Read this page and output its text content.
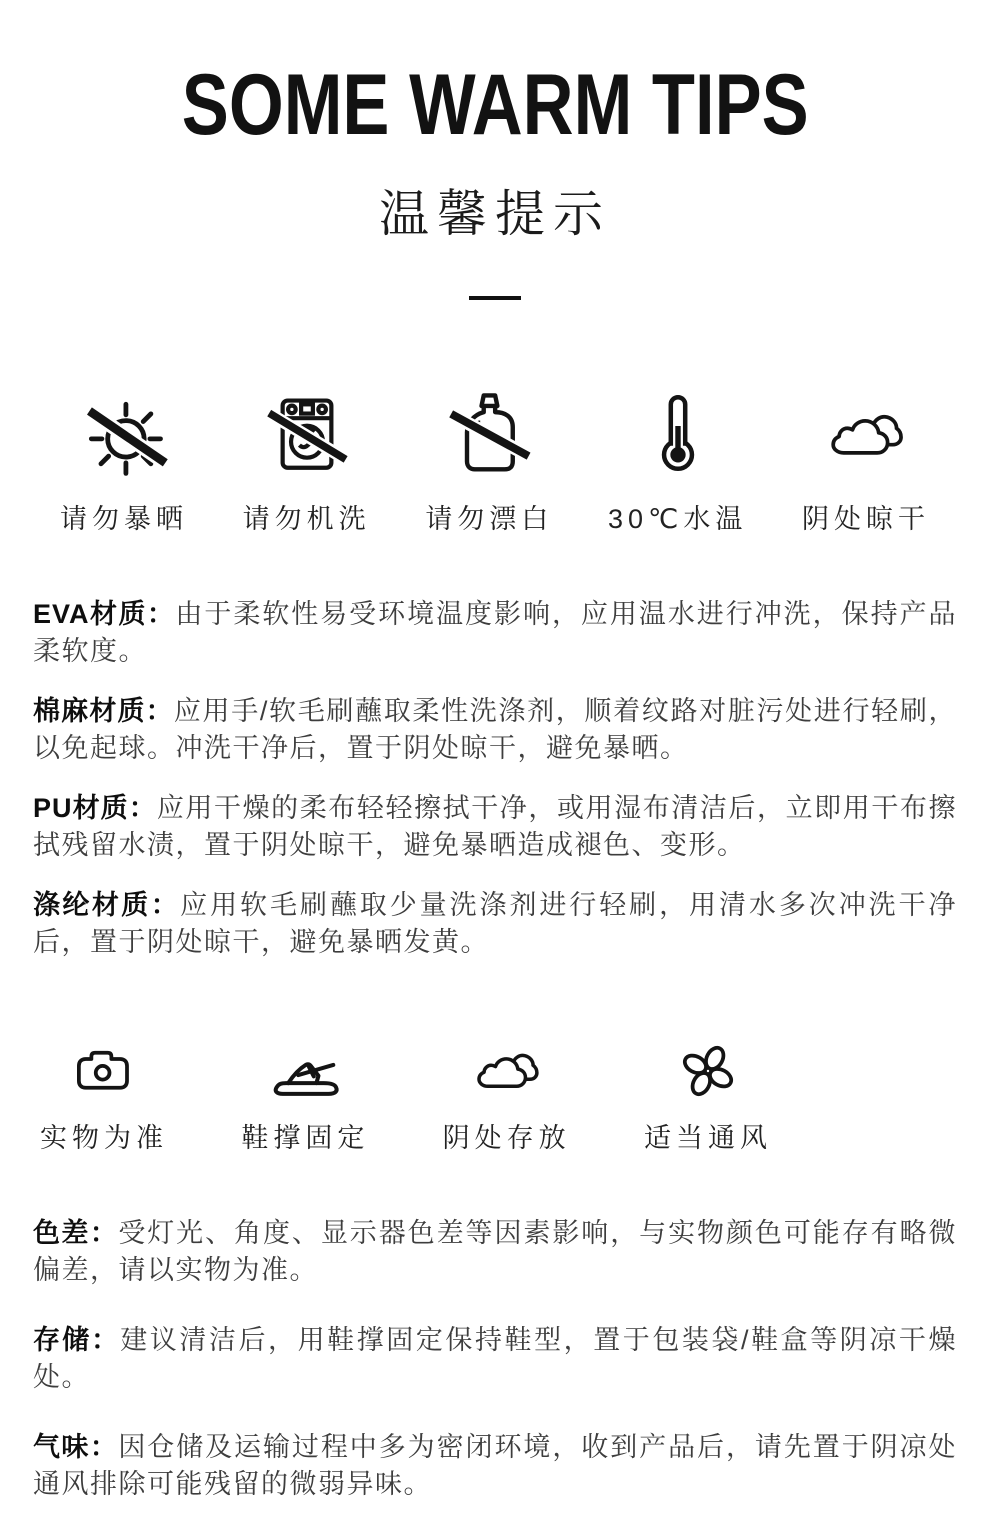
SOME WARM TIPS
温馨提示
请勿暴晒 请勿机洗 请勿漂白 30℃水温 阴处晾干

EVA材质：由于柔软性易受环境温度影响，应用温水进行冲洗，保持产品柔软度。

棉麻材质：应用手/软毛刷蘸取柔性洗涤剂，顺着纹路对脏污处进行轻刷，以免起球。冲洗干净后，置于阴处晾干，避免暴晒。

PU材质：应用干燥的柔布轻轻擦拭干净，或用湿布清洁后，立即用干布擦拭残留水渍，置于阴处晾干，避免暴晒造成褪色、变形。

涤纶材质：应用软毛刷蘸取少量洗涤剂进行轻刷，用清水多次冲洗干净后，置于阴处晾干，避免暴晒发黄。

实物为准	鞋撑固定	阴处存放	适当通风

色差：受灯光、角度、显示器色差等因素影响，与实物颜色可能存有略微偏差，请以实物为准。

存储：建议清洁后，用鞋撑固定保持鞋型，置于包装袋/鞋盒等阴凉干燥处。

气味：因仓储及运输过程中多为密闭环境，收到产品后，请先置于阴凉处通风排除可能残留的微弱异味。
